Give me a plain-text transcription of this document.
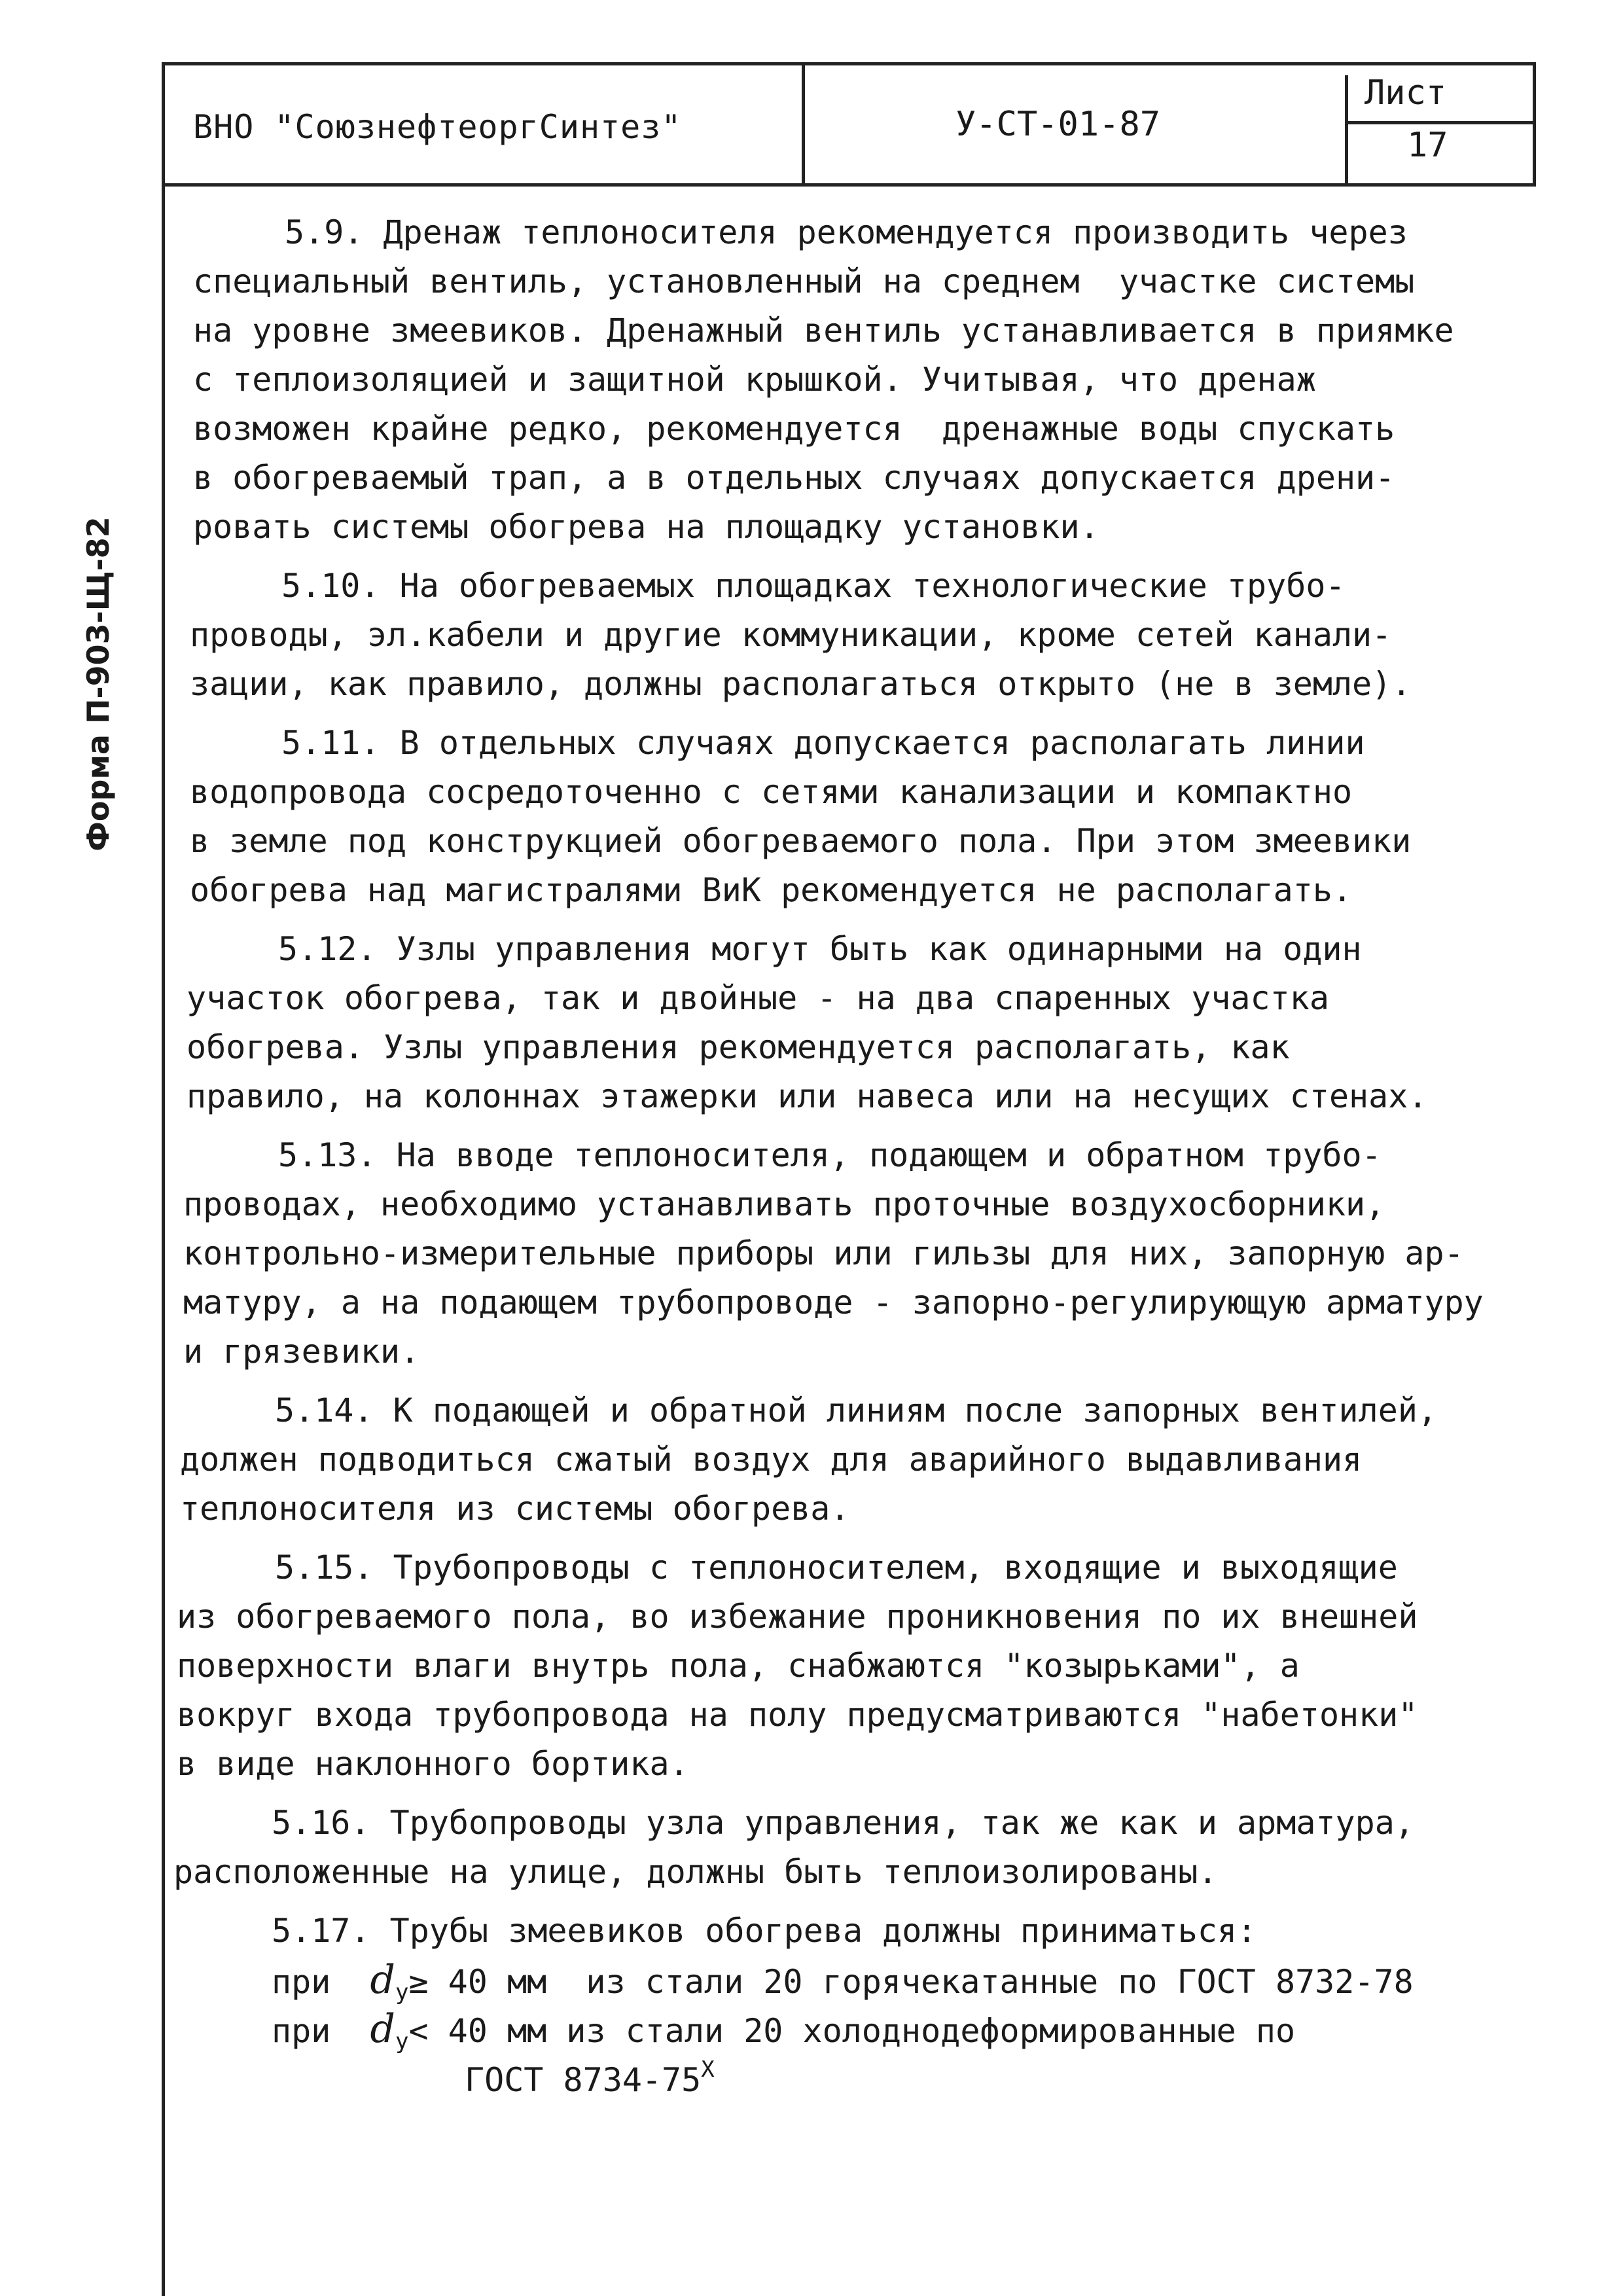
ВНО "СоюзнефтеоргСинтез"	У-СТ-01-87
Лист
17
Форма П-903-Щ-82
5.9. Дренаж теплоносителя рекомендуется производить через
специальный вентиль, установленный на среднем  участке системы
на уровне змеевиков. Дренажный вентиль устанавливается в приямке
с теплоизоляцией и защитной крышкой. Учитывая, что дренаж
возможен крайне редко, рекомендуется  дренажные воды спускать
в обогреваемый трап, а в отдельных случаях допускается дрени-
ровать системы обогрева на площадку установки.
5.10. На обогреваемых площадках технологические трубо-
проводы, эл.кабели и другие коммуникации, кроме сетей канали-
зации, как правило, должны располагаться открыто (не в земле).
5.11. В отдельных случаях допускается располагать линии
водопровода сосредоточенно с сетями канализации и компактно
в земле под конструкцией обогреваемого пола. При этом змеевики
обогрева над магистралями ВиК рекомендуется не располагать.
5.12. Узлы управления могут быть как одинарными на один
участок обогрева, так и двойные - на два спаренных участка
обогрева. Узлы управления рекомендуется располагать, как
правило, на колоннах этажерки или навеса или на несущих стенах.
5.13. На вводе теплоносителя, подающем и обратном трубо-
проводах, необходимо устанавливать проточные воздухосборники,
контрольно-измерительные приборы или гильзы для них, запорную ар-
матуру, а на подающем трубопроводе - запорно-регулирующую арматуру
и грязевики.
5.14. К подающей и обратной линиям после запорных вентилей,
должен подводиться сжатый воздух для аварийного выдавливания
теплоносителя из системы обогрева.
5.15. Трубопроводы с теплоносителем, входящие и выходящие
из обогреваемого пола, во избежание проникновения по их внешней
поверхности влаги внутрь пола, снабжаются "козырьками", а
вокруг входа трубопровода на полу предусматриваются "набетонки"
в виде наклонного бортика.
5.16. Трубопроводы узла управления, так же как и арматура,
расположенные на улице, должны быть теплоизолированы.
5.17. Трубы змеевиков обогрева должны приниматься:
при $d_у\ge 40$ мм  из стали 20 горячекатанные по ГОСТ 8732-78
при $d_у< 40$ мм из стали 20 холоднодеформированные по
ГОСТ $8734-75^X$
